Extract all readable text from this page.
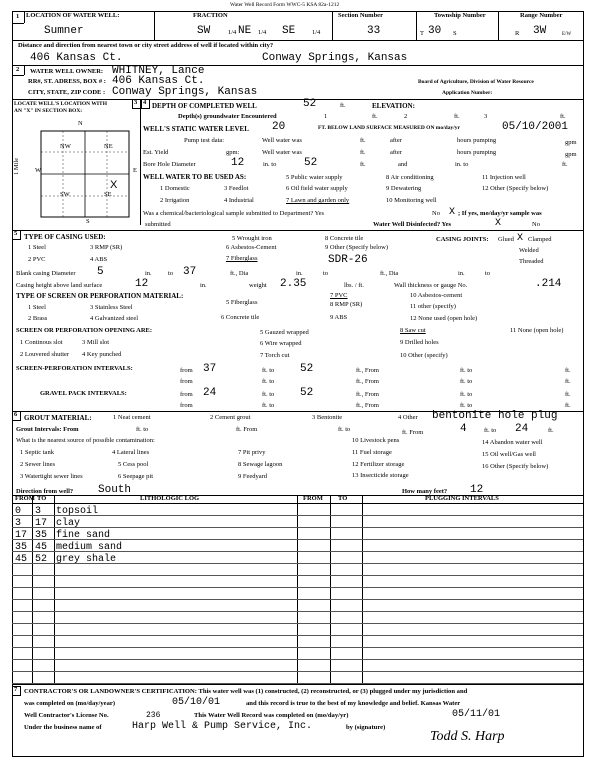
Water Well Record Form WWC-5 KSA 82a-1212
1 LOCATION OF WATER WELL:
Sumner
FRACTION
SW	1/4 NE 1/4 SE	1/4
Section Number
33
Township Number
T 30 S
Range Number
R 3W	E/W
Distance and direction from nearest town or city street address of well if located within city?
406 Kansas Ct.	Conway Springs, Kansas
2 WATER WELL OWNER: WHITNEY, Lance
RR#, ST. ADRESS, BOX # : 406 Kansas Ct.
CITY, STATE, ZIP CODE : Conway Springs, Kansas
Board of Agriculture, Division of Water Resource
Application Number:
LOCATE WELL'S LOCATION WITH
AN "X" IN SECTION BOX:
3
N
S
E
W
1 Mile
NW	NE
SW	SE
X
4 DEPTH OF COMPLETED WELL	52	ft.	ELEVATION:
Depth(s) groundwater Encountered	1	ft.	2	ft.	3	ft.
WELL'S STATIC WATER LEVEL 20	FT. BELOW LAND SURFACE MEASURED ON mo/day/yr	05/10/2001
Pump test data:	Well water was	ft.	after	hours pumping	gpm
Est. Yield	gpm:	Well water was	ft.	after	hours pumping	gpm
Bore Hole Diameter	12	in. to	52	ft.	and	in. to	ft.
WELL WATER TO BE USED AS:
1 Domestic	3 Feedlot
5 Public water supply	8 Air conditioning	11 Injection well
2 Irrigation	4 Industrial
6 Oil field water supply	9 Dewatering	12 Other (Specify below)
7 Lawn and garden only	10 Monitoring well
Was a chemical/bacteriological sample submitted to Department? Yes	No X ; If yes, mo/day/yr sample was
submitted	Water Well Disinfected? Yes	X	No
5 TYPE OF CASING USED:
1 Steel	3 RMP (SR)
5 Wrought iron	8 Concrete tile
2 PVC	4 ABS
6 Asbestos-Cement	9 Other (Specify below)
7 Fiberglass
CASING JOINTS: Glued X Clamped
Welded
Threaded
SDR-26
Blank casing Diameter 5	in.	to 37	ft., Dia	in.	to	ft., Dia	in.	to
Casing height above land surface	12	in.	weight 2.35	lbs. / ft.	Wall thickness or gauge No.	.214
TYPE OF SCREEN OR PERFORATION MATERIAL:
1 Steel	3 Stainless Steel
5 Fiberglass
7 PVC	10 Asbestos-cement
2 Brass	4 Galvanized steel	6 Concrete tile
8 RMP (SR)	11 other (specify)
9 ABS	12 None used (open hole)
SCREEN OR PERFORATION OPENING ARE:
1 Continous slot	3 Mill slot
5 Gauzed wrapped	8 Saw cut	11 None (open hole)
2 Louvered shutter 4 Key punched
6 Wire wrapped	9 Drilled holes
7 Torch cut	10 Other (specify)
SCREEN-PERFORATION INTERVALS:	from 37	ft. to 52	ft., From	ft. to	ft.
from	ft. to	ft., From	ft. to	ft.
GRAVEL PACK INTERVALS:	from 24	ft. to 52	ft., From	ft. to	ft.
from	ft. to	ft., From	ft. to	ft.
6 GROUT MATERIAL:	1 Neat cement	2 Cement grout	3 Bentonite	4 Other bentonite hole plug
Grout Intervals: From	ft. to	ft. From	ft. to	ft. From	4	ft. to 24	ft.
What is the nearest source of possible contamination:
1 Septic tank	4 Lateral lines	7 Pit privy
10 Livestock pens	14 Abandon water well
2 Sewer lines	5 Cess pool	8 Sewage lagoon
11 Fuel storage	15 Oil well/Gas well
3 Watertight sewer lines	6 Seepage pit	9 Feedyard
12 Fertilizer storage	16 Other (Specify below)
13 Insecticide storage
Direction from well? South	How many feet? 12
FROM TO	LITHOLOGIC LOG	FROM TO	PLUGGING INTERVALS
0 3 topsoil
3 17 clay
17 35 fine sand
35 45 medium sand
45 52 grey shale
7 CONTRACTOR'S OR LANDOWNER'S CERTIFICATION: This water well was (1) constructed, (2) reconstructed, or (3) plugged under my jurisdiction and
was completed on (mo/day/year)	05/10/01	and this record is true to the best of my knowledge and belief. Kansas Water
Well Contractor's License No.	236	This Water Well Record was completed on (mo/day/yr)	05/11/01
Under the business name of	Harp Well & Pump Service, Inc.	by (signature)
Todd S. Harp
